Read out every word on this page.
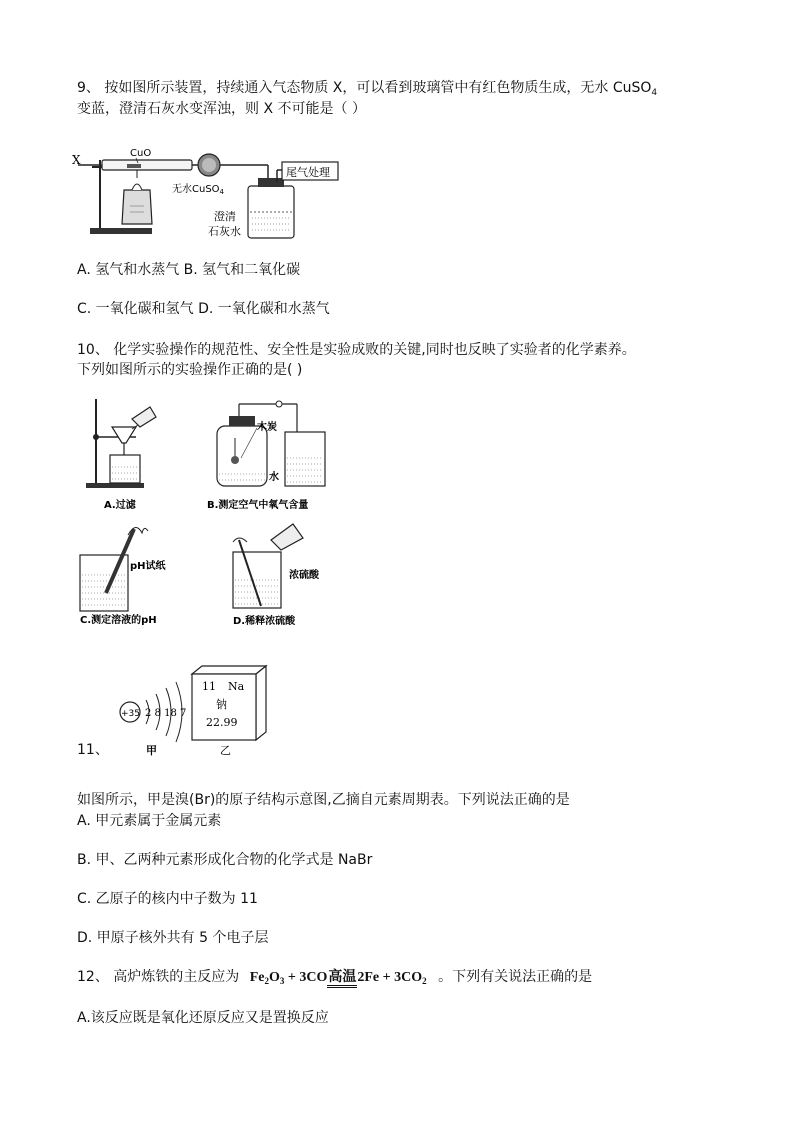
9、 按如图所示装置，持续通入气态物质 X，可以看到玻璃管中有红色物质生成，无水 CuSO$_4$
变蓝，澄清石灰水变浑浊，则 X 不可能是（ ）
尾气处理
X	CuO
无水CuSO$_4$
澄清
石灰水
A. 氢气和水蒸气 B. 氢气和二氧化碳
C. 一氧化碳和氢气 D. 一氧化碳和水蒸气
10、 化学实验操作的规范性、安全性是实验成败的关键,同时也反映了实验者的化学素养。
下列如图所示的实验操作正确的是( )
A.过滤
木炭
水
B.测定空气中氧气含量
pH试纸
C.测定溶液的pH
浓硫酸
D.稀释浓硫酸
+35 2 8 18 7
11 Na
钠
22.99
甲	乙
11、
如图所示，甲是溴(Br)的原子结构示意图,乙摘自元素周期表。下列说法正确的是
A. 甲元素属于金属元素
B. 甲、乙两种元素形成化合物的化学式是 NaBr
C. 乙原子的核内中子数为 11
D. 甲原子核外共有 5 个电子层
12、 高炉炼铁的主反应为 $Fe_2O_3 + 3CO$高温$2Fe + 3CO_2$ 。下列有关说法正确的是
A.该反应既是氧化还原反应又是置换反应
